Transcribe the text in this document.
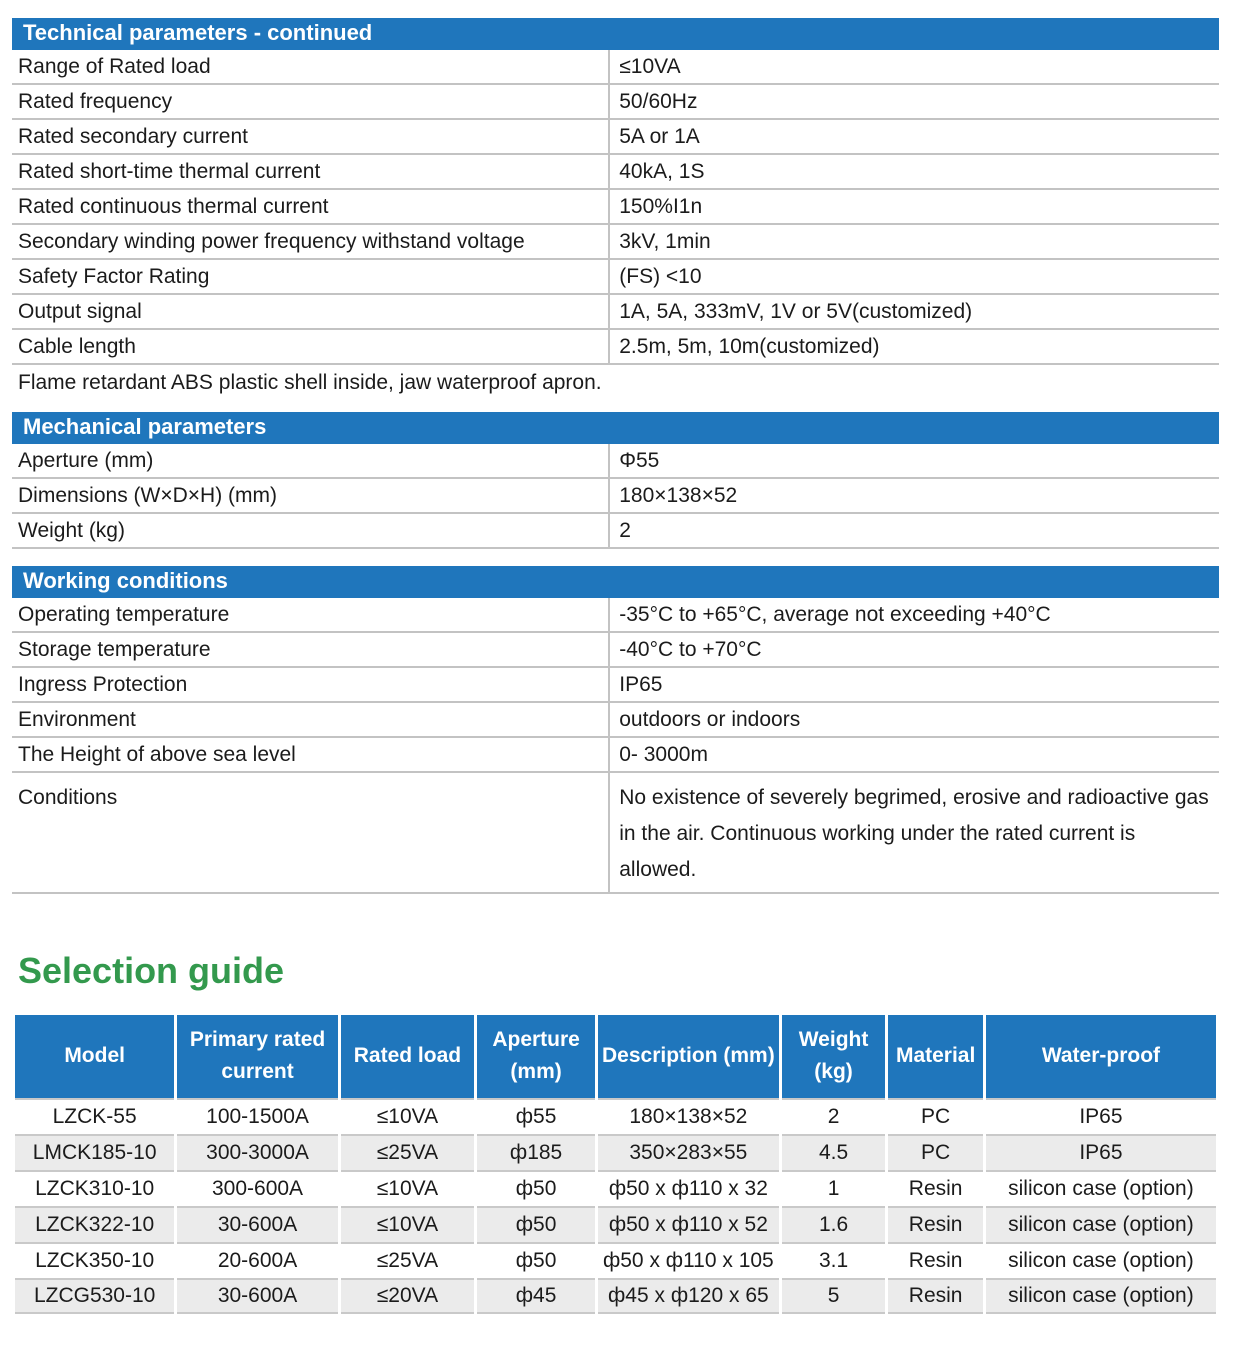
Technical parameters - continued
Range of Rated load	≤10VA
Rated frequency	50/60Hz
Rated secondary current	5A or 1A
Rated short-time thermal current	40kA, 1S
Rated continuous thermal current	150%I1n
Secondary winding power frequency withstand voltage	3kV, 1min
Safety Factor Rating	(FS) <10
Output signal	1A, 5A, 333mV, 1V or 5V(customized)
Cable length	2.5m, 5m, 10m(customized)
Flame retardant ABS plastic shell inside, jaw waterproof apron.
Mechanical parameters
Aperture (mm)	Φ55
Dimensions (W×D×H) (mm)	180×138×52
Weight (kg)	2
Working conditions
Operating temperature	-35°C to +65°C, average not exceeding +40°C
Storage temperature	-40°C to +70°C
Ingress Protection	IP65
Environment	outdoors or indoors
The Height of above sea level	0- 3000m
Conditions	No existence of severely begrimed, erosive and radioactive gas in the air. Continuous working under the rated current is allowed.
Selection guide
Model	Primary rated current	Rated load	Aperture (mm)	Description (mm)	Weight (kg)	Material	Water-proof
LZCK-55	100-1500A	≤10VA	ф55	180×138×52	2	PC	IP65
LMCK185-10	300-3000A	≤25VA	ф185	350×283×55	4.5	PC	IP65
LZCK310-10	300-600A	≤10VA	ф50	ф50 x ф110 x 32	1	Resin	silicon case (option)
LZCK322-10	30-600A	≤10VA	ф50	ф50 x ф110 x 52	1.6	Resin	silicon case (option)
LZCK350-10	20-600A	≤25VA	ф50	ф50 x ф110 x 105	3.1	Resin	silicon case (option)
LZCG530-10	30-600A	≤20VA	ф45	ф45 x ф120 x 65	5	Resin	silicon case (option)
